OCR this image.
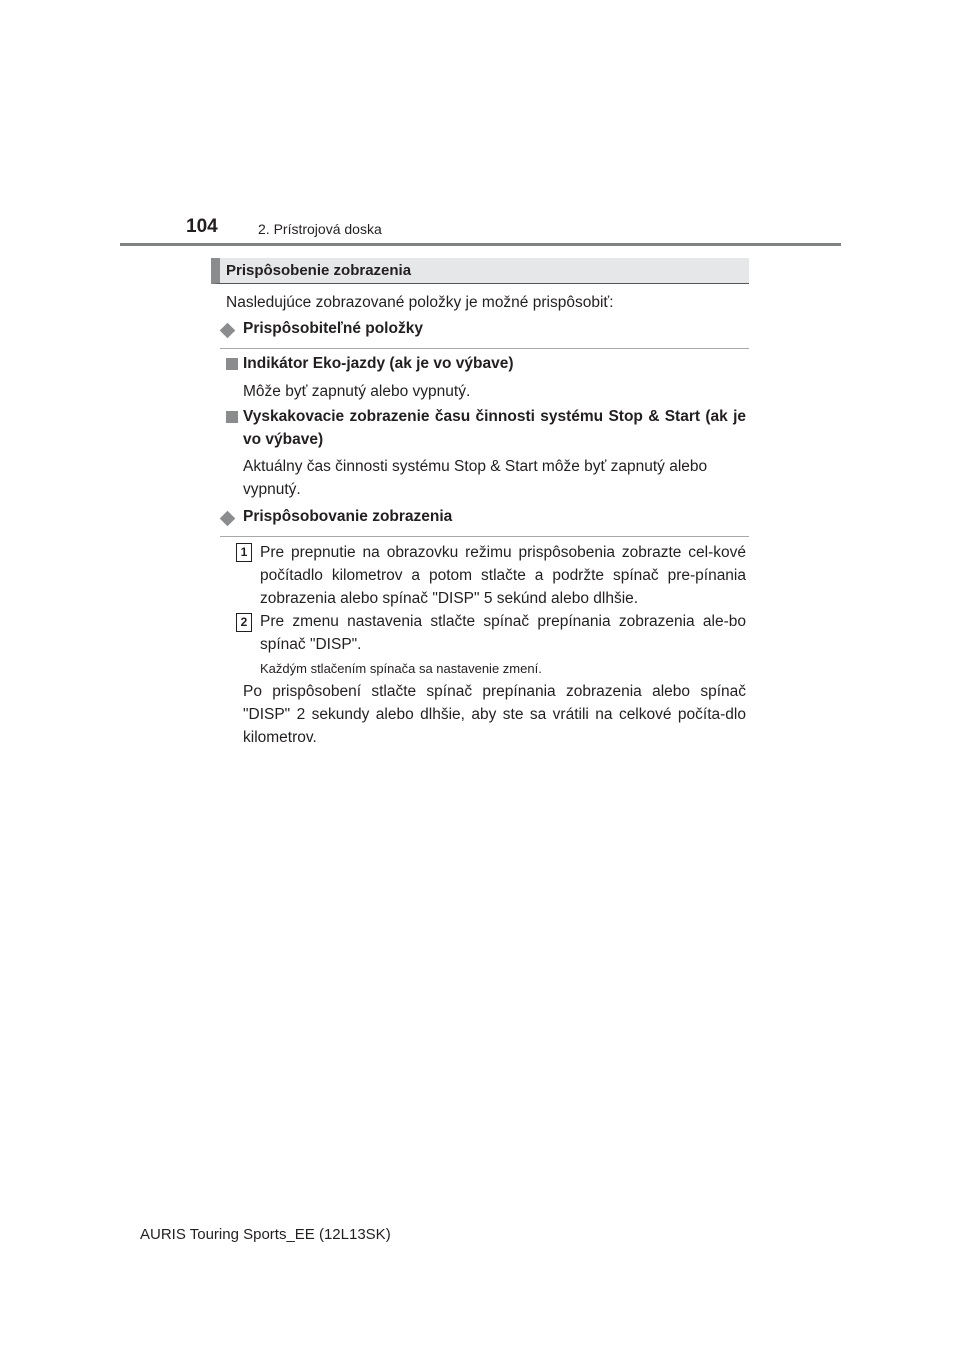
104	2. Prístrojová doska
Prispôsobenie zobrazenia
Nasledujúce zobrazované položky je možné prispôsobiť:
Prispôsobiteľné položky
Indikátor Eko-jazdy (ak je vo výbave)
Môže byť zapnutý alebo vypnutý.
Vyskakovacie zobrazenie času činnosti systému Stop & Start (ak je vo výbave)
Aktuálny čas činnosti systému Stop & Start môže byť zapnutý alebo vypnutý.
Prispôsobovanie zobrazenia
1 Pre prepnutie na obrazovku režimu prispôsobenia zobrazte cel-kové počítadlo kilometrov a potom stlačte a podržte spínač pre-pínania zobrazenia alebo spínač "DISP" 5 sekúnd alebo dlhšie.
2 Pre zmenu nastavenia stlačte spínač prepínania zobrazenia ale-bo spínač "DISP".
Každým stlačením spínača sa nastavenie zmení.
Po prispôsobení stlačte spínač prepínania zobrazenia alebo spínač "DISP" 2 sekundy alebo dlhšie, aby ste sa vrátili na celkové počíta-dlo kilometrov.
AURIS Touring Sports_EE (12L13SK)
